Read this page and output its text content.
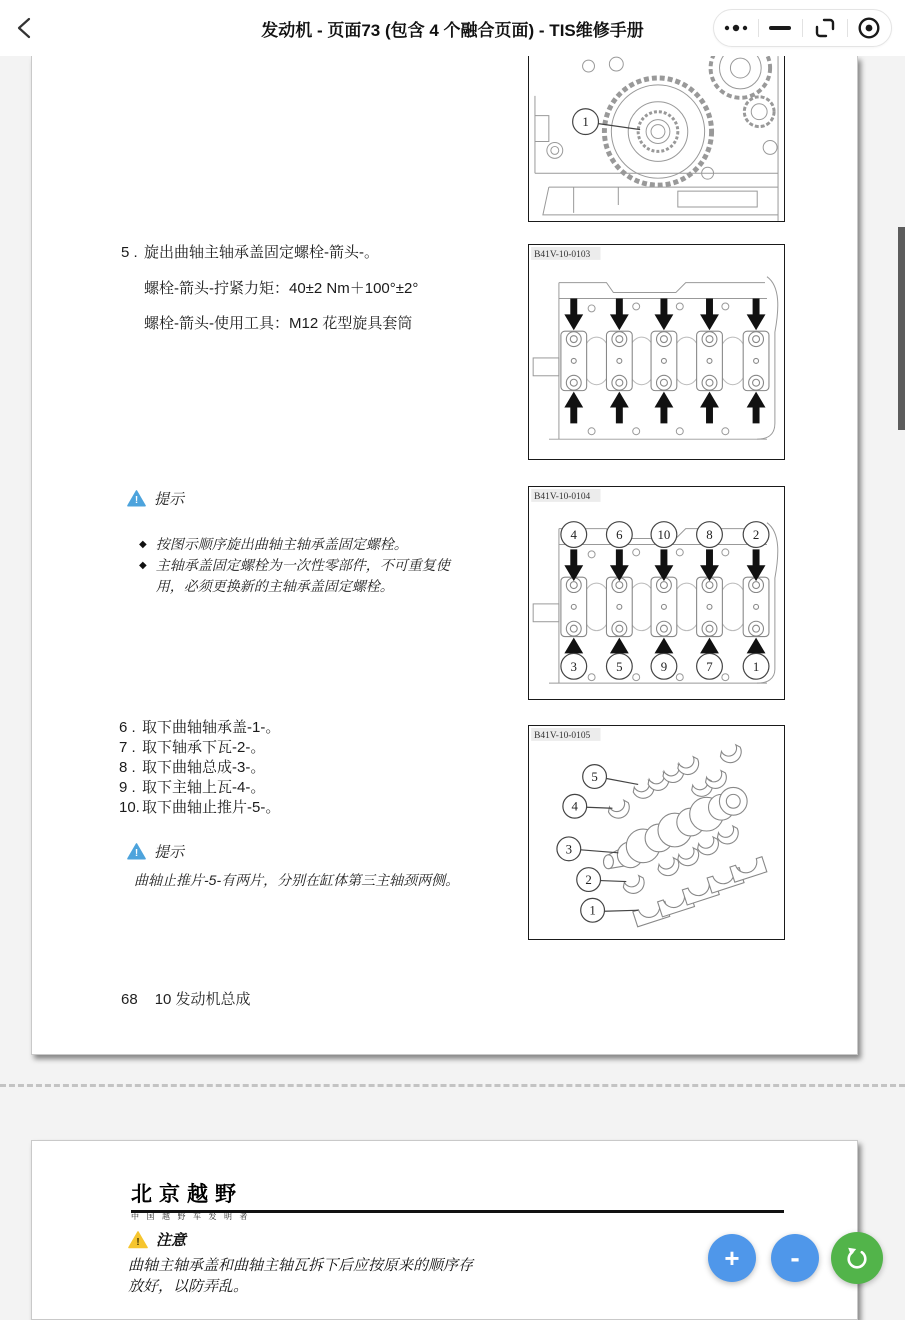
发动机 - 页面73 (包含 4 个融合页面) - TIS维修手册
1
5 . 旋出曲轴主轴承盖固定螺栓-箭头-。
螺栓-箭头-拧紧力矩：40±2 Nm＋100°±2°
螺栓-箭头-使用工具：M12 花型旋具套筒
B41V-10-0103
! 提示
◆ 按图示顺序旋出曲轴主轴承盖固定螺栓。
◆ 主轴承盖固定螺栓为一次性零部件，不可重复使用，必须更换新的主轴承盖固定螺栓。
B41V-10-0104
4	6	10	8	2
3	5	9	7	1
6 . 取下曲轴轴承盖-1-。
7 . 取下轴承下瓦-2-。
8 . 取下曲轴总成-3-。
9 . 取下主轴上瓦-4-。
10. 取下曲轴止推片-5-。
! 提示
曲轴止推片-5-有两片，分别在缸体第三主轴颈两侧。
B41V-10-0105
5
4
3
2
1
68 10 发动机总成
北京越野
中国越野车发明者
! 注意
曲轴主轴承盖和曲轴主轴瓦拆下后应按原来的顺序存放好，以防弄乱。
+ -
